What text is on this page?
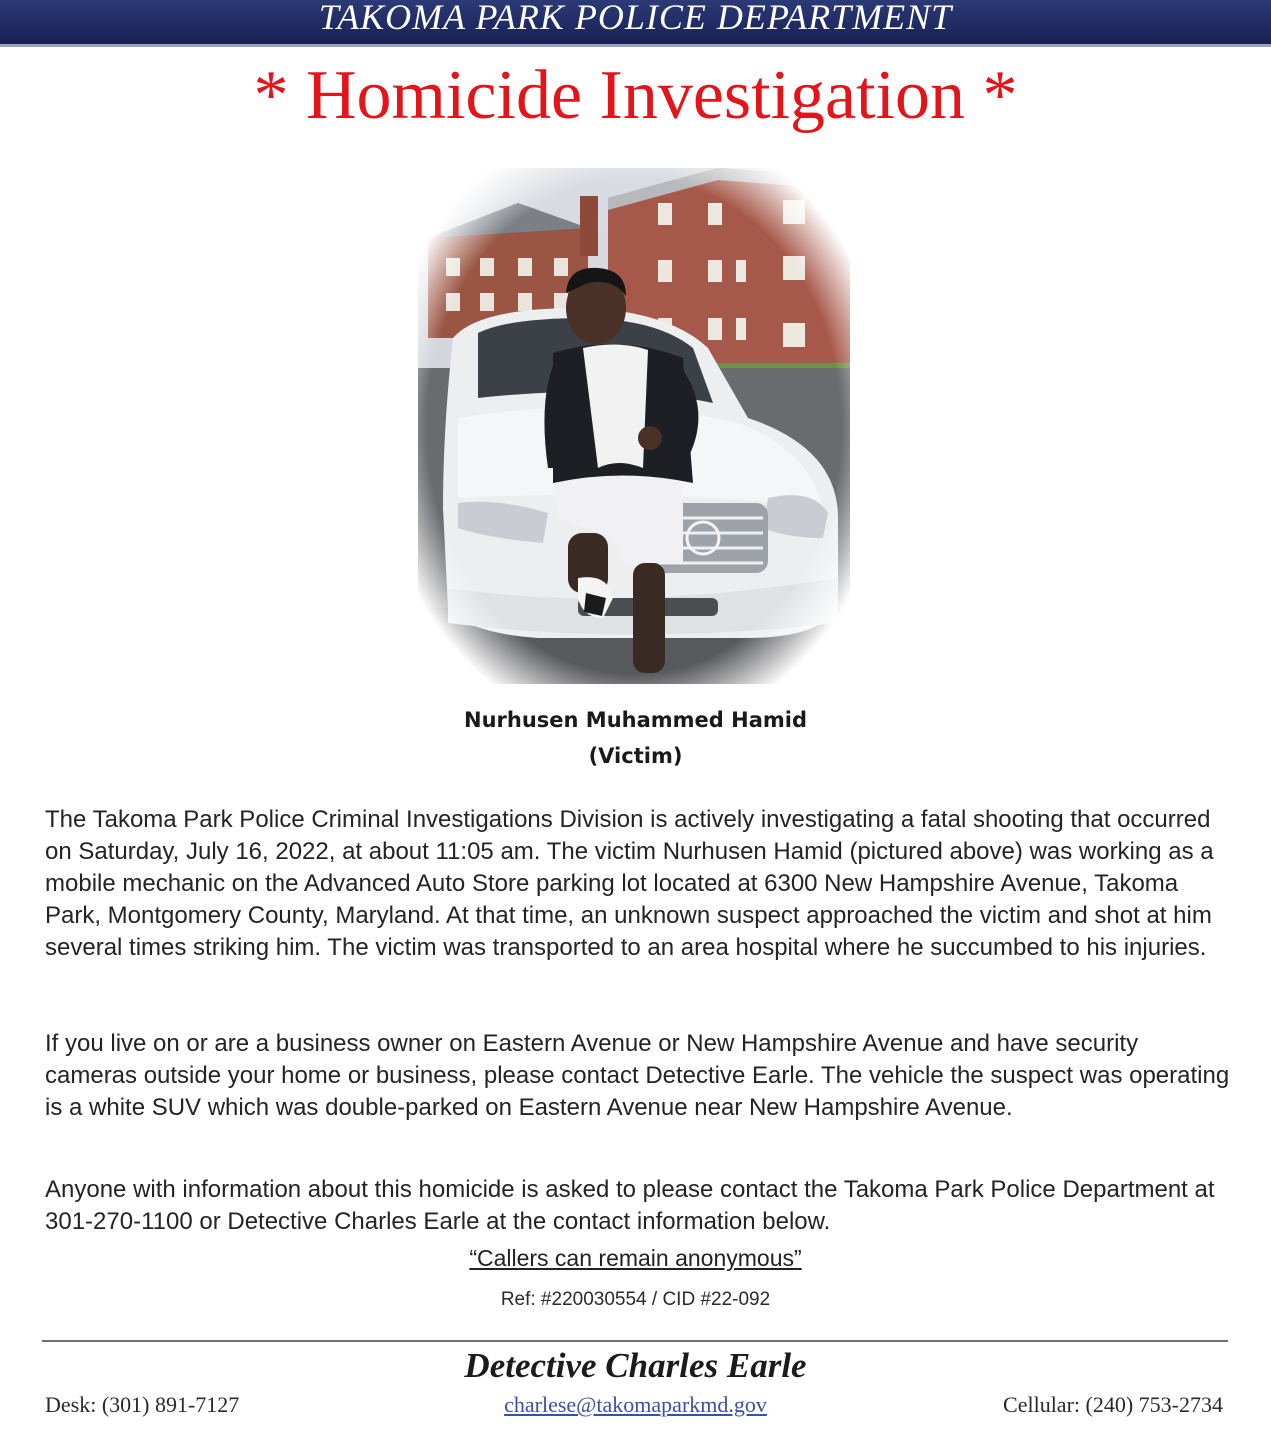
TAKOMA PARK POLICE DEPARTMENT
* Homicide Investigation *
Nurhusen Muhammed Hamid
(Victim)
The Takoma Park Police Criminal Investigations Division is actively investigating a fatal shooting that occurred on Saturday, July 16, 2022, at about 11:05 am. The victim Nurhusen Hamid (pictured above) was working as a mobile mechanic on the Advanced Auto Store parking lot located at 6300 New Hampshire Avenue, Takoma Park, Montgomery County, Maryland. At that time, an unknown suspect approached the victim and shot at him several times striking him. The victim was transported to an area hospital where he succumbed to his injuries.
If you live on or are a business owner on Eastern Avenue or New Hampshire Avenue and have security cameras outside your home or business, please contact Detective Earle. The vehicle the suspect was operating is a white SUV which was double-parked on Eastern Avenue near New Hampshire Avenue.
Anyone with information about this homicide is asked to please contact the Takoma Park Police Department at 301-270-1100 or Detective Charles Earle at the contact information below.
“Callers can remain anonymous”
Ref: #220030554 / CID #22-092
Detective Charles Earle
Desk: (301) 891-7127	charlese@takomaparkmd.gov	Cellular: (240) 753-2734
